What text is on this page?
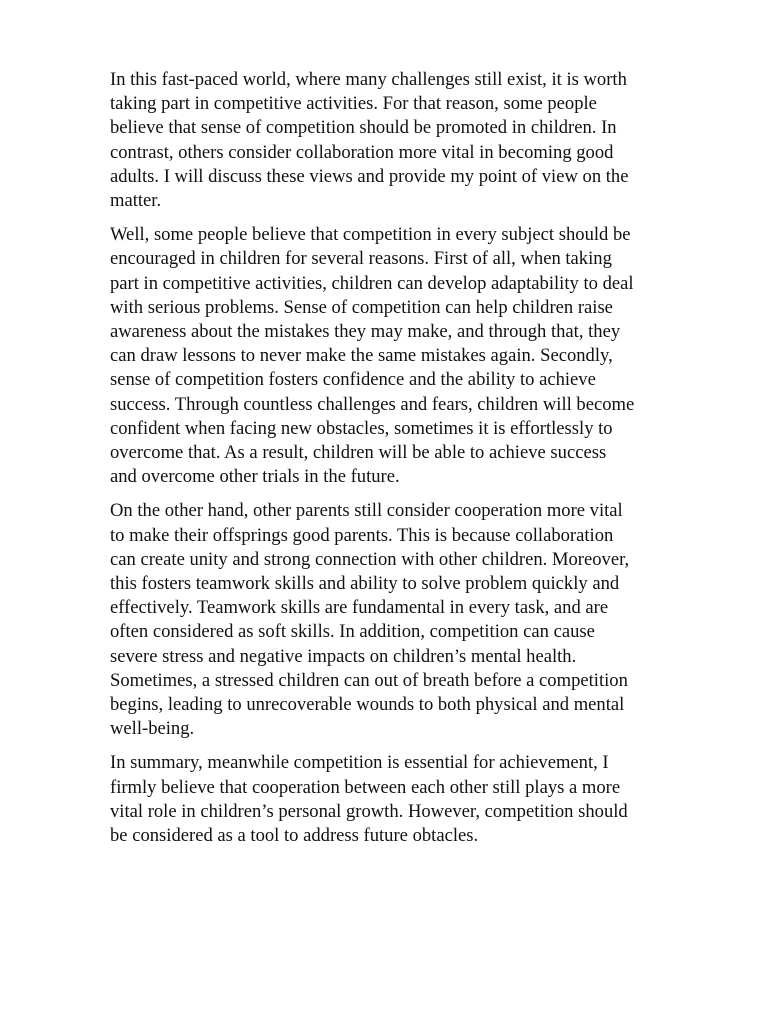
In this fast-paced world, where many challenges still exist, it is worth
taking part in competitive activities. For that reason, some people
believe that sense of competition should be promoted in children. In
contrast, others consider collaboration more vital in becoming good
adults. I will discuss these views and provide my point of view on the
matter.

Well, some people believe that competition in every subject should be
encouraged in children for several reasons. First of all, when taking
part in competitive activities, children can develop adaptability to deal
with serious problems. Sense of competition can help children raise
awareness about the mistakes they may make, and through that, they
can draw lessons to never make the same mistakes again. Secondly,
sense of competition fosters confidence and the ability to achieve
success. Through countless challenges and fears, children will become
confident when facing new obstacles, sometimes it is effortlessly to
overcome that. As a result, children will be able to achieve success
and overcome other trials in the future.

On the other hand, other parents still consider cooperation more vital
to make their offsprings good parents. This is because collaboration
can create unity and strong connection with other children. Moreover,
this fosters teamwork skills and ability to solve problem quickly and
effectively. Teamwork skills are fundamental in every task, and are
often considered as soft skills. In addition, competition can cause
severe stress and negative impacts on children’s mental health.
Sometimes, a stressed children can out of breath before a competition
begins, leading to unrecoverable wounds to both physical and mental
well-being.

In summary, meanwhile competition is essential for achievement, I
firmly believe that cooperation between each other still plays a more
vital role in children’s personal growth. However, competition should
be considered as a tool to address future obtacles.
